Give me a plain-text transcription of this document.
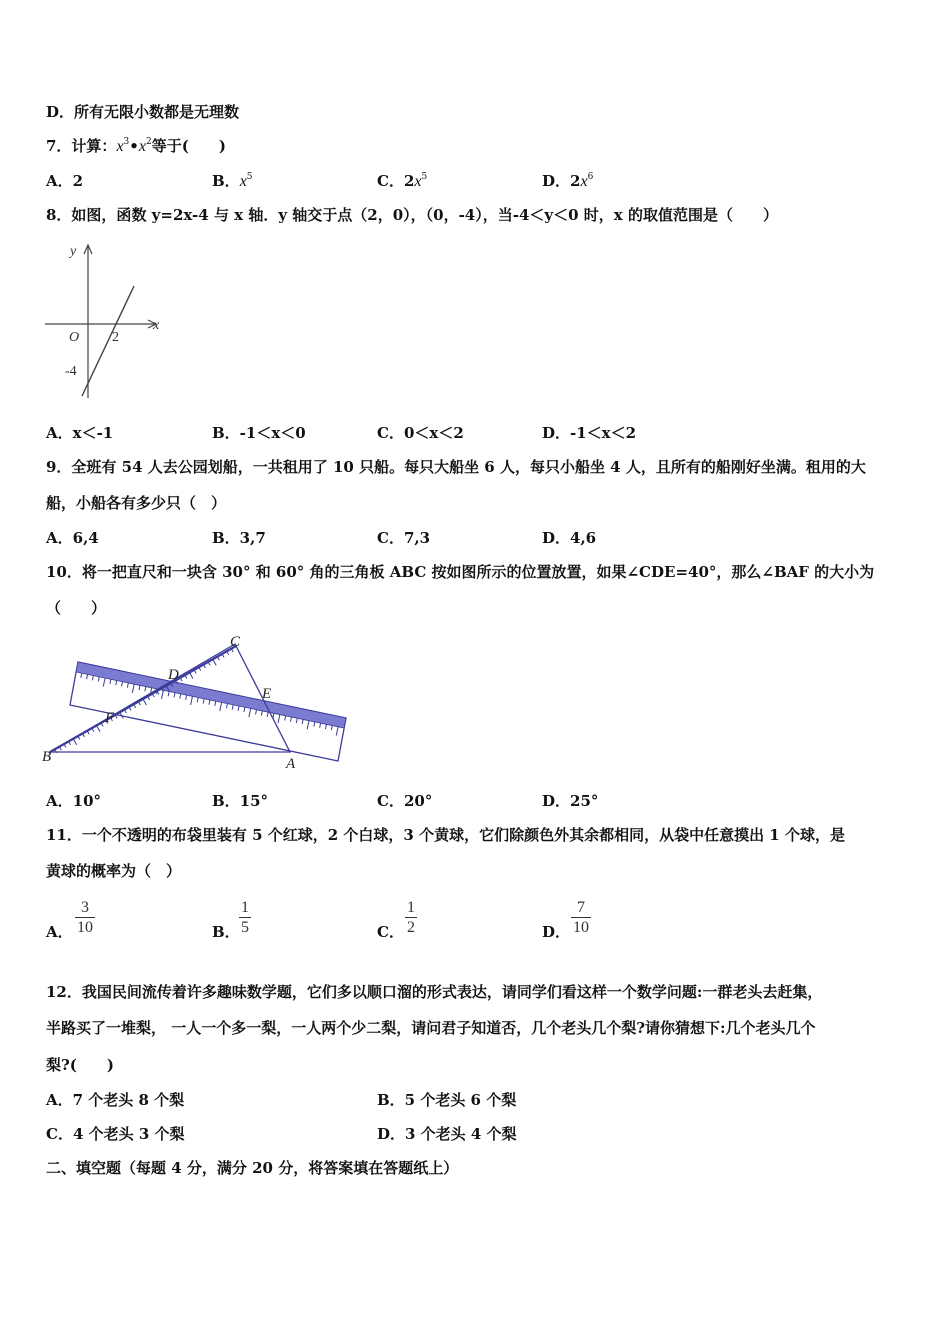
D．所有无限小数都是无理数
7．计算：$x^3•x^2$等于(　　)
A．2	B．$x^5$	C．$2x^5$	D．$2x^6$
8．如图，函数 y=2x-4 与 x 轴．y 轴交于点（2，0），（0，-4），当-4＜y＜0 时，x 的取值范围是（　　）
y
x
O 2
-4
A．x＜-1	B．-1＜x＜0	C．0＜x＜2	D．-1＜x＜2
9．全班有 54 人去公园划船，一共租用了 10 只船。每只大船坐 6 人，每只小船坐 4 人，且所有的船刚好坐满。租用的大
船，小船各有多少只（　）
A．6,4	B．3,7	C．7,3	D．4,6
10．将一把直尺和一块含 30° 和 60° 角的三角板 ABC 按如图所示的位置放置，如果∠CDE=40°，那么∠BAF 的大小为
（　　）
A
B
C
D
E
F
A．10°	B．15°	C．20°	D．25°
11．一个不透明的布袋里装有 5 个红球，2 个白球，3 个黄球，它们除颜色外其余都相同，从袋中任意摸出 1 个球，是
黄球的概率为（　）
A． $\frac{3}{10}$	B． $\frac{1}{5}$	C． $\frac{1}{2}$	D． $\frac{7}{10}$
12．我国民间流传着许多趣味数学题，它们多以顺口溜的形式表达，请同学们看这样一个数学问题:一群老头去赶集，
半路买了一堆梨， 一人一个多一梨，一人两个少二梨，请问君子知道否，几个老头几个梨?请你猜想下:几个老头几个
梨?(　　)
A．7 个老头 8 个梨	B．5 个老头 6 个梨
C．4 个老头 3 个梨	D．3 个老头 4 个梨
二、填空题（每题 4 分，满分 20 分，将答案填在答题纸上）
